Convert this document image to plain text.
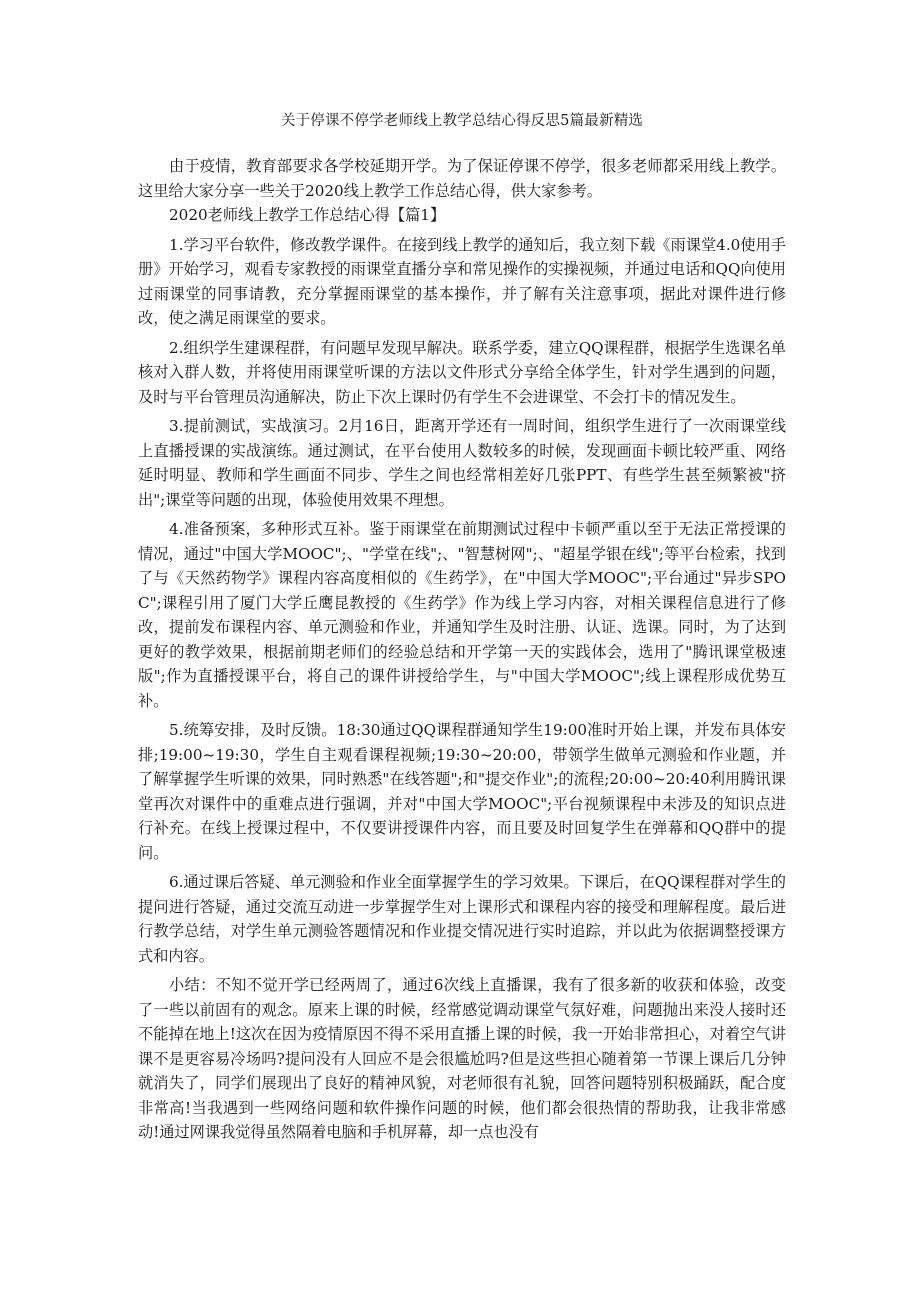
关于停课不停学老师线上教学总结心得反思5篇最新精选

由于疫情，教育部要求各学校延期开学。为了保证停课不停学，很多老师都采用线上教学。这里给大家分享一些关于2020线上教学工作总结心得，供大家参考。

2020老师线上教学工作总结心得【篇1】

1.学习平台软件，修改教学课件。在接到线上教学的通知后，我立刻下载《雨课堂4.0使用手册》开始学习，观看专家教授的雨课堂直播分享和常见操作的实操视频，并通过电话和QQ向使用过雨课堂的同事请教，充分掌握雨课堂的基本操作，并了解有关注意事项，据此对课件进行修改，使之满足雨课堂的要求。

2.组织学生建课程群，有问题早发现早解决。联系学委，建立QQ课程群，根据学生选课名单核对入群人数，并将使用雨课堂听课的方法以文件形式分享给全体学生，针对学生遇到的问题，及时与平台管理员沟通解决，防止下次上课时仍有学生不会进课堂、不会打卡的情况发生。

3.提前测试，实战演习。2月16日，距离开学还有一周时间，组织学生进行了一次雨课堂线上直播授课的实战演练。通过测试，在平台使用人数较多的时候，发现画面卡顿比较严重、网络延时明显、教师和学生画面不同步、学生之间也经常相差好几张PPT、有些学生甚至频繁被"挤出";课堂等问题的出现，体验使用效果不理想。

4.准备预案，多种形式互补。鉴于雨课堂在前期测试过程中卡顿严重以至于无法正常授课的情况，通过"中国大学MOOC";、"学堂在线";、"智慧树网";、"超星学银在线";等平台检索，找到了与《天然药物学》课程内容高度相似的《生药学》，在"中国大学MOOC";平台通过"异步SPOC";课程引用了厦门大学丘鹰昆教授的《生药学》作为线上学习内容，对相关课程信息进行了修改，提前发布课程内容、单元测验和作业，并通知学生及时注册、认证、选课。同时，为了达到更好的教学效果，根据前期老师们的经验总结和开学第一天的实践体会，选用了"腾讯课堂极速版";作为直播授课平台，将自己的课件讲授给学生，与"中国大学MOOC";线上课程形成优势互补。

5.统筹安排，及时反馈。18:30通过QQ课程群通知学生19:00准时开始上课，并发布具体安排;19:00~19:30，学生自主观看课程视频;19:30~20:00，带领学生做单元测验和作业题，并了解掌握学生听课的效果，同时熟悉"在线答题";和"提交作业";的流程;20:00~20:40利用腾讯课堂再次对课件中的重难点进行强调，并对"中国大学MOOC";平台视频课程中未涉及的知识点进行补充。在线上授课过程中，不仅要讲授课件内容，而且要及时回复学生在弹幕和QQ群中的提问。

6.通过课后答疑、单元测验和作业全面掌握学生的学习效果。下课后，在QQ课程群对学生的提问进行答疑，通过交流互动进一步掌握学生对上课形式和课程内容的接受和理解程度。最后进行教学总结，对学生单元测验答题情况和作业提交情况进行实时追踪，并以此为依据调整授课方式和内容。

小结：不知不觉开学已经两周了，通过6次线上直播课，我有了很多新的收获和体验，改变了一些以前固有的观念。原来上课的时候，经常感觉调动课堂气氛好难，问题抛出来没人接时还不能掉在地上!这次在因为疫情原因不得不采用直播上课的时候，我一开始非常担心，对着空气讲课不是更容易冷场吗?提问没有人回应不是会很尴尬吗?但是这些担心随着第一节课上课后几分钟就消失了，同学们展现出了良好的精神风貌，对老师很有礼貌，回答问题特别积极踊跃，配合度非常高!当我遇到一些网络问题和软件操作问题的时候，他们都会很热情的帮助我，让我非常感动!通过网课我觉得虽然隔着电脑和手机屏幕，却一点也没有
